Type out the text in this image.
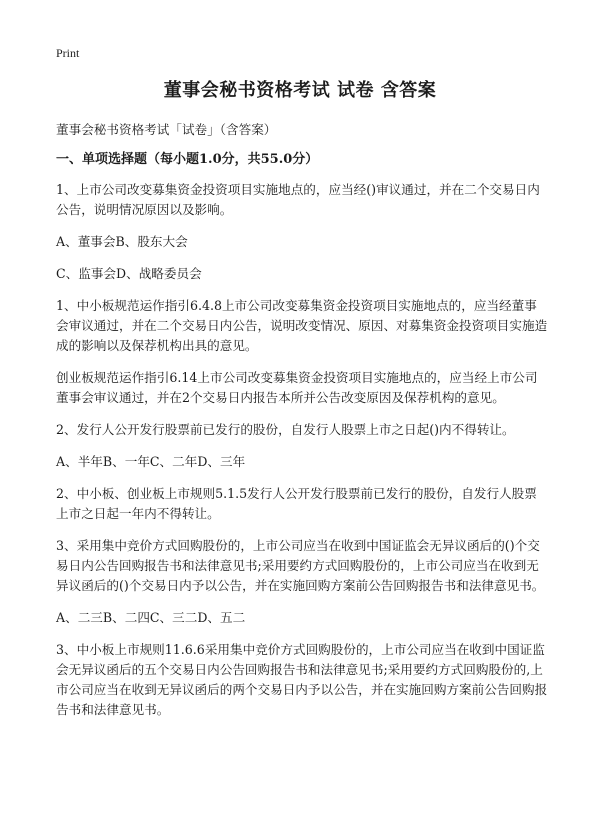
Print
董事会秘书资格考试 试卷 含答案

董事会秘书资格考试「试卷」（含答案）

一、单项选择题（每小题1.0分，共55.0分）

1、上市公司改变募集资金投资项目实施地点的，应当经()审议通过，并在二个交易日内公告，说明情况原因以及影响。

A、董事会B、股东大会

C、监事会D、战略委员会

1、中小板规范运作指引6.4.8上市公司改变募集资金投资项目实施地点的，应当经董事会审议通过，并在二个交易日内公告，说明改变情况、原因、对募集资金投资项目实施造成的影响以及保荐机构出具的意见。

创业板规范运作指引6.14上市公司改变募集资金投资项目实施地点的，应当经上市公司董事会审议通过，并在2个交易日内报告本所并公告改变原因及保荐机构的意见。

2、发行人公开发行股票前已发行的股份，自发行人股票上市之日起()内不得转让。

A、半年B、一年C、二年D、三年

2、中小板、创业板上市规则5.1.5发行人公开发行股票前已发行的股份，自发行人股票上市之日起一年内不得转让。

3、采用集中竞价方式回购股份的，上市公司应当在收到中国证监会无异议函后的()个交易日内公告回购报告书和法律意见书;采用要约方式回购股份的，上市公司应当在收到无异议函后的()个交易日内予以公告，并在实施回购方案前公告回购报告书和法律意见书。

A、二三B、二四C、三二D、五二

3、中小板上市规则11.6.6采用集中竞价方式回购股份的，上市公司应当在收到中国证监会无异议函后的五个交易日内公告回购报告书和法律意见书;采用要约方式回购股份的,上市公司应当在收到无异议函后的两个交易日内予以公告，并在实施回购方案前公告回购报告书和法律意见书。
